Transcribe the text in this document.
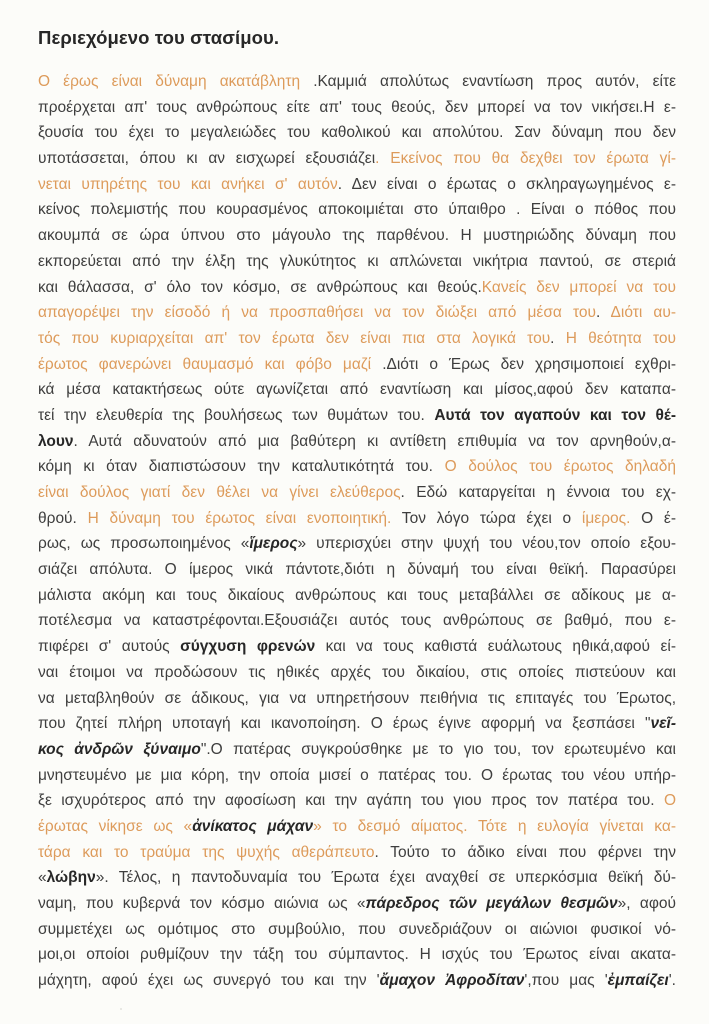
Περιεχόμενο του στασίμου.
Ο έρως είναι δύναμη ακατάβλητη .Καμμιά απολύτως εναντίωση προς αυτόν, είτε
προέρχεται απ' τους ανθρώπους είτε απ' τους θεούς, δεν μπορεί να τον νικήσει.Η ε-
ξουσία του έχει το μεγαλειώδες του καθολικού και απολύτου. Σαν δύναμη που δεν
υποτάσσεται, όπου κι αν εισχωρεί εξουσιάζει. Εκείνος που θα δεχθει τον έρωτα γί-
νεται υπηρέτης του και ανήκει σ' αυτόν. Δεν είναι ο έρωτας ο σκληραγωγημένος ε-
κείνος πολεμιστής που κουρασμένος αποκοιμιέται στο ύπαιθρο . Είναι ο πόθος που
ακουμπά σε ώρα ύπνου στο μάγουλο της παρθένου. Η μυστηριώδης δύναμη που
εκπορεύεται από την έλξη της γλυκύτητος κι απλώνεται νικήτρια παντού, σε στεριά
και θάλασσα, σ' όλο τον κόσμο, σε ανθρώπους και θεούς.Κανείς δεν μπορεί να του
απαγορέψει την είσοδό ή να προσπαθήσει να τον διώξει από μέσα του. Διότι αυ-
τός που κυριαρχείται απ' τον έρωτα δεν είναι πια στα λογικά του. Η θεότητα του
έρωτος φανερώνει θαυμασμό και φόβο μαζί .Διότι ο Έρως δεν χρησιμοποιεί εχθρι-
κά μέσα κατακτήσεως ούτε αγωνίζεται από εναντίωση και μίσος,αφού δεν καταπα-
τεί την ελευθερία της βουλήσεως των θυμάτων του. Αυτά τον αγαπούν και τον θέ-
λουν. Αυτά αδυνατούν από μια βαθύτερη κι αντίθετη επιθυμία να τον αρνηθούν,α-
κόμη κι όταν διαπιστώσουν την καταλυτικότητά του. Ο δούλος του έρωτος δηλαδή
είναι δούλος γιατί δεν θέλει να γίνει ελεύθερος. Εδώ καταργείται η έννοια του εχ-
θρού. Η δύναμη του έρωτος είναι ενοποιητική. Τον λόγο τώρα έχει ο ίμερος. Ο έ-
ρως, ως προσωποιημένος «ἵμερος» υπερισχύει στην ψυχή του νέου,τον οποίο εξου-
σιάζει απόλυτα. Ο ίμερος νικά πάντοτε,διότι η δύναμή του είναι θεϊκή. Παρασύρει
μάλιστα ακόμη και τους δικαίους ανθρώπους και τους μεταβάλλει σε αδίκους με α-
ποτέλεσμα να καταστρέφονται.Εξουσιάζει αυτός τους ανθρώπους σε βαθμό, που ε-
πιφέρει σ' αυτούς σύγχυση φρενών και να τους καθιστά ευάλωτους ηθικά,αφού εί-
ναι έτοιμοι να προδώσουν τις ηθικές αρχές του δικαίου, στις οποίες πιστεύουν και
να μεταβληθούν σε άδικους, για να υπηρετήσουν πειθήνια τις επιταγές του Έρωτος,
που ζητεί πλήρη υποταγή και ικανοποίηση. Ο έρως έγινε αφορμή να ξεσπάσει "νεῖ-
κος ἀνδρῶν ξύναιμο".Ο πατέρας συγκρούσθηκε με το γιο του, τον ερωτευμένο και
μνηστευμένο με μια κόρη, την οποία μισεί ο πατέρας του. Ο έρωτας του νέου υπήρ-
ξε ισχυρότερος από την αφοσίωση και την αγάπη του γιου προς τον πατέρα του. Ο
έρωτας νίκησε ως «ἀνίκατος μάχαν» το δεσμό αίματος. Τότε η ευλογία γίνεται κα-
τάρα και το τραύμα της ψυχής αθεράπευτο. Τούτο το άδικο είναι που φέρνει την
«λώβην». Τέλος, η παντοδυναμία του Έρωτα έχει αναχθεί σε υπερκόσμια θεϊκή δύ-
ναμη, που κυβερνά τον κόσμο αιώνια ως «πάρεδρος τῶν μεγάλων θεσμῶν», αφού
συμμετέχει ως ομότιμος στο συμβούλιο, που συνεδριάζουν οι αιώνιοι φυσικοί νό-
μοι,οι οποίοι ρυθμίζουν την τάξη του σύμπαντος. Η ισχύς του Έρωτος είναι ακατα-
μάχητη, αφού έχει ως συνεργό του και την 'ἄμαχον Ἀφροδίταν',που μας 'ἐμπαίζει'.
